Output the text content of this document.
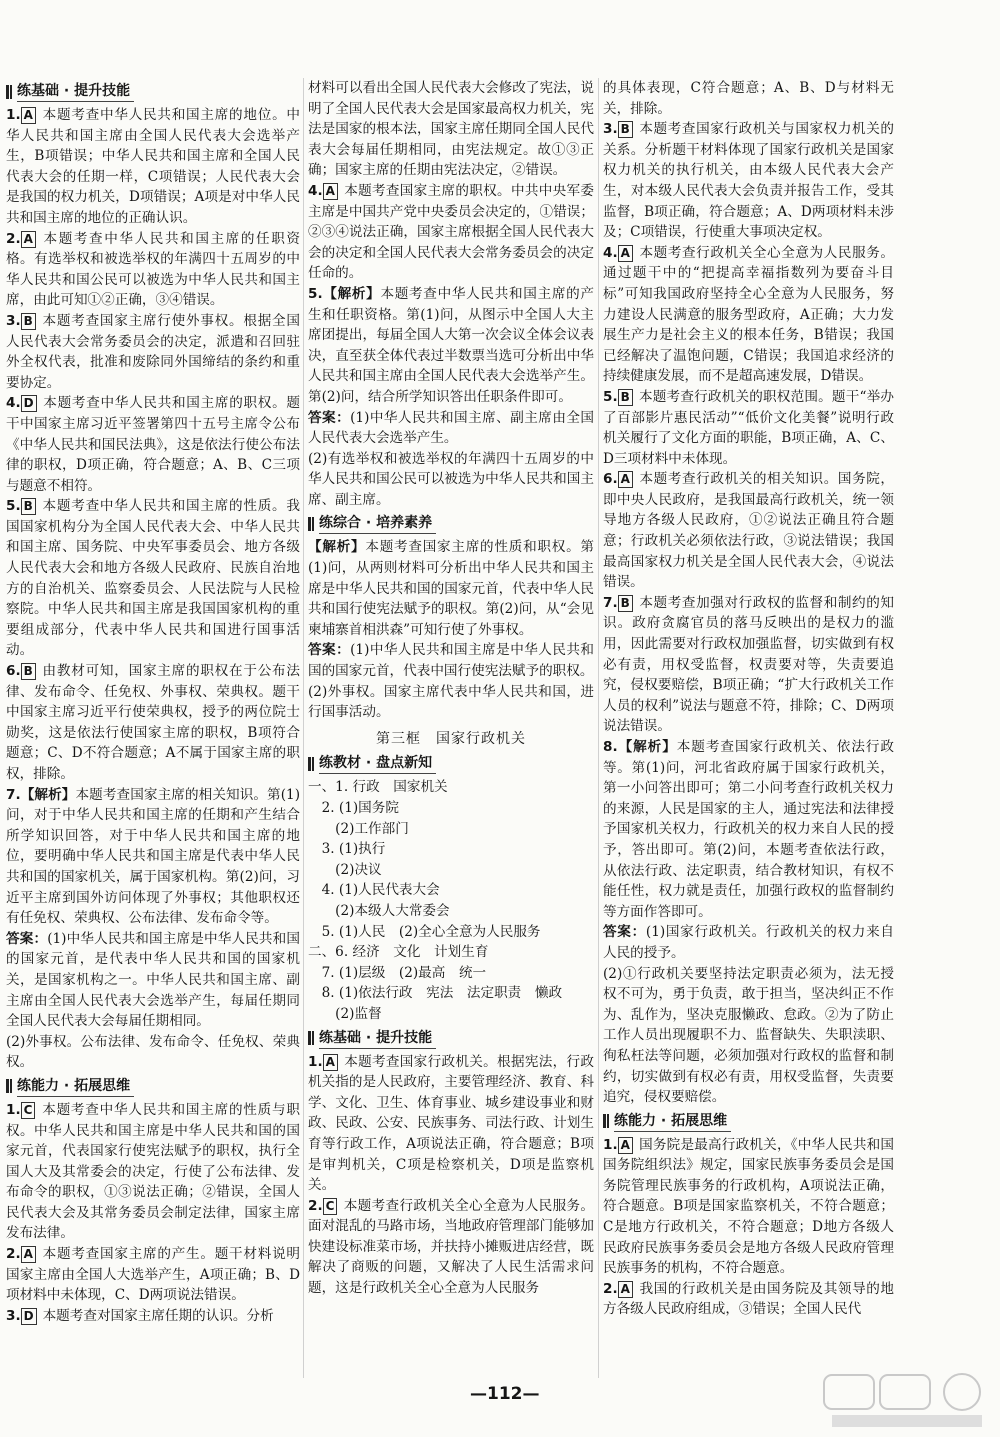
练基础 · 提升技能

1. A 本题考查中华人民共和国主席的地位。中华人民共和国主席由全国人民代表大会选举产生，B项错误；中华人民共和国主席和全国人民代表大会的任期一样，C项错误；人民代表大会是我国的权力机关，D项错误；A项是对中华人民共和国主席的地位的正确认识。

2. A 本题考查中华人民共和国主席的任职资格。有选举权和被选举权的年满四十五周岁的中华人民共和国公民可以被选为中华人民共和国主席，由此可知①②正确，③④错误。

3. B 本题考查国家主席行使外事权。根据全国人民代表大会常务委员会的决定，派遣和召回驻外全权代表，批准和废除同外国缔结的条约和重要协定。

4. D 本题考查中华人民共和国主席的职权。题干中国家主席习近平签署第四十五号主席令公布《中华人民共和国民法典》，这是依法行使公布法律的职权，D项正确，符合题意；A、B、C三项与题意不相符。

5. B 本题考查中华人民共和国主席的性质。我国国家机构分为全国人民代表大会、中华人民共和国主席、国务院、中央军事委员会、地方各级人民代表大会和地方各级人民政府、民族自治地方的自治机关、监察委员会、人民法院与人民检察院。中华人民共和国主席是我国国家机构的重要组成部分，代表中华人民共和国进行国事活动。

6. B 由教材可知，国家主席的职权在于公布法律、发布命令、任免权、外事权、荣典权。题干中国家主席习近平行使荣典权，授予的两位院士勋奖，这是依法行使国家主席的职权，B项符合题意；C、D不符合题意；A不属于国家主席的职权，排除。

7.【解析】本题考查国家主席的相关知识。第(1)问，对于中华人民共和国主席的任期和产生结合所学知识回答，对于中华人民共和国主席的地位，要明确中华人民共和国主席是代表中华人民共和国的国家机关，属于国家机构。第(2)问，习近平主席到国外访问体现了外事权；其他职权还有任免权、荣典权、公布法律、发布命令等。

答案：(1)中华人民共和国主席是中华人民共和国的国家元首，是代表中华人民共和国的国家机关，是国家机构之一。中华人民共和国主席、副主席由全国人民代表大会选举产生，每届任期同全国人民代表大会每届任期相同。

(2)外事权。公布法律、发布命令、任免权、荣典权。

练能力 · 拓展思维

1. C 本题考查中华人民共和国主席的性质与职权。中华人民共和国主席是中华人民共和国的国家元首，代表国家行使宪法赋予的职权，执行全国人大及其常委会的决定，行使了公布法律、发布命令的职权，①③说法正确；②错误，全国人民代表大会及其常务委员会制定法律，国家主席发布法律。

2. A 本题考查国家主席的产生。题干材料说明国家主席由全国人大选举产生，A项正确；B、D项材料中未体现，C、D两项说法错误。

3. D 本题考查对国家主席任期的认识。分析

材料可以看出全国人民代表大会修改了宪法，说明了全国人民代表大会是国家最高权力机关，宪法是国家的根本法，国家主席任期同全国人民代表大会每届任期相同，由宪法规定。故①③正确；国家主席的任期由宪法决定，②错误。

4. A 本题考查国家主席的职权。中共中央军委主席是中国共产党中央委员会决定的，①错误；②③④说法正确，国家主席根据全国人民代表大会的决定和全国人民代表大会常务委员会的决定任命的。

5.【解析】本题考查中华人民共和国主席的产生和任职资格。第(1)问，从图示中全国人大主席团提出，每届全国人大第一次会议全体会议表决，直至获全体代表过半数票当选可分析出中华人民共和国主席由全国人民代表大会选举产生。第(2)问，结合所学知识答出任职条件即可。

答案：(1)中华人民共和国主席、副主席由全国人民代表大会选举产生。

(2)有选举权和被选举权的年满四十五周岁的中华人民共和国公民可以被选为中华人民共和国主席、副主席。

练综合 · 培养素养

【解析】本题考查国家主席的性质和职权。第(1)问，从两则材料可分析出中华人民共和国主席是中华人民共和国的国家元首，代表中华人民共和国行使宪法赋予的职权。第(2)问，从“会见柬埔寨首相洪森”可知行使了外事权。

答案：(1)中华人民共和国主席是中华人民共和国的国家元首，代表中国行使宪法赋予的职权。

(2)外事权。国家主席代表中华人民共和国，进行国事活动。

第三框　国家行政机关
练教材 · 盘点新知
一、1. 行政　国家机关
　2. (1)国务院
　　(2)工作部门
　3. (1)执行
　　(2)决议
　4. (1)人民代表大会
　　(2)本级人大常委会
　5. (1)人民　(2)全心全意为人民服务
二、6. 经济　文化　计划生育
　7. (1)层级　(2)最高　统一
　8. (1)依法行政　宪法　法定职责　懒政
　　(2)监督
练基础 · 提升技能

1. A 本题考查国家行政机关。根据宪法，行政机关指的是人民政府，主要管理经济、教育、科学、文化、卫生、体育事业、城乡建设事业和财政、民政、公安、民族事务、司法行政、计划生育等行政工作，A项说法正确，符合题意；B项是审判机关，C项是检察机关，D项是监察机关。

2. C 本题考查行政机关全心全意为人民服务。面对混乱的马路市场，当地政府管理部门能够加快建设标准菜市场，并扶持小摊贩进店经营，既解决了商贩的问题，又解决了人民生活需求问题，这是行政机关全心全意为人民服务

的具体表现，C符合题意；A、B、D与材料无关，排除。

3. B 本题考查国家行政机关与国家权力机关的关系。分析题干材料体现了国家行政机关是国家权力机关的执行机关，由本级人民代表大会产生，对本级人民代表大会负责并报告工作，受其监督，B项正确，符合题意；A、D两项材料未涉及；C项错误，行使重大事项决定权。

4. A 本题考查行政机关全心全意为人民服务。通过题干中的“把提高幸福指数列为要奋斗目标”可知我国政府坚持全心全意为人民服务，努力建设人民满意的服务型政府，A正确；大力发展生产力是社会主义的根本任务，B错误；我国已经解决了温饱问题，C错误；我国追求经济的持续健康发展，而不是超高速发展，D错误。

5. B 本题考查行政机关的职权范围。题干“举办了百部影片惠民活动”“低价文化美餐”说明行政机关履行了文化方面的职能，B项正确，A、C、D三项材料中未体现。

6. A 本题考查行政机关的相关知识。国务院，即中央人民政府，是我国最高行政机关，统一领导地方各级人民政府，①②说法正确且符合题意；行政机关必须依法行政，③说法错误；我国最高国家权力机关是全国人民代表大会，④说法错误。

7. B 本题考查加强对行政权的监督和制约的知识。政府贪腐官员的落马反映出的是权力的滥用，因此需要对行政权加强监督，切实做到有权必有责，用权受监督，权责要对等，失责要追究，侵权要赔偿，B项正确；“扩大行政机关工作人员的权利”说法与题意不符，排除；C、D两项说法错误。

8.【解析】本题考查国家行政机关、依法行政等。第(1)问，河北省政府属于国家行政机关，第一小问答出即可；第二小问考查行政机关权力的来源，人民是国家的主人，通过宪法和法律授予国家机关权力，行政机关的权力来自人民的授予，答出即可。第(2)问，本题考查依法行政，从依法行政、法定职责，结合教材知识，有权不能任性，权力就是责任，加强行政权的监督制约等方面作答即可。

答案：(1)国家行政机关。行政机关的权力来自人民的授予。

(2)①行政机关要坚持法定职责必须为，法无授权不可为，勇于负责，敢于担当，坚决纠正不作为、乱作为，坚决克服懒政、怠政。②为了防止工作人员出现履职不力、监督缺失、失职渎职、徇私枉法等问题，必须加强对行政权的监督和制约，切实做到有权必有责，用权受监督，失责要追究，侵权要赔偿。

练能力 · 拓展思维

1. A 国务院是最高行政机关，《中华人民共和国国务院组织法》规定，国家民族事务委员会是国务院管理民族事务的行政机构，A项说法正确，符合题意。B项是国家监察机关，不符合题意；C是地方行政机关，不符合题意；D地方各级人民政府民族事务委员会是地方各级人民政府管理民族事务的机构，不符合题意。

2. A 我国的行政机关是由国务院及其领导的地方各级人民政府组成，③错误；全国人民代

—112—
